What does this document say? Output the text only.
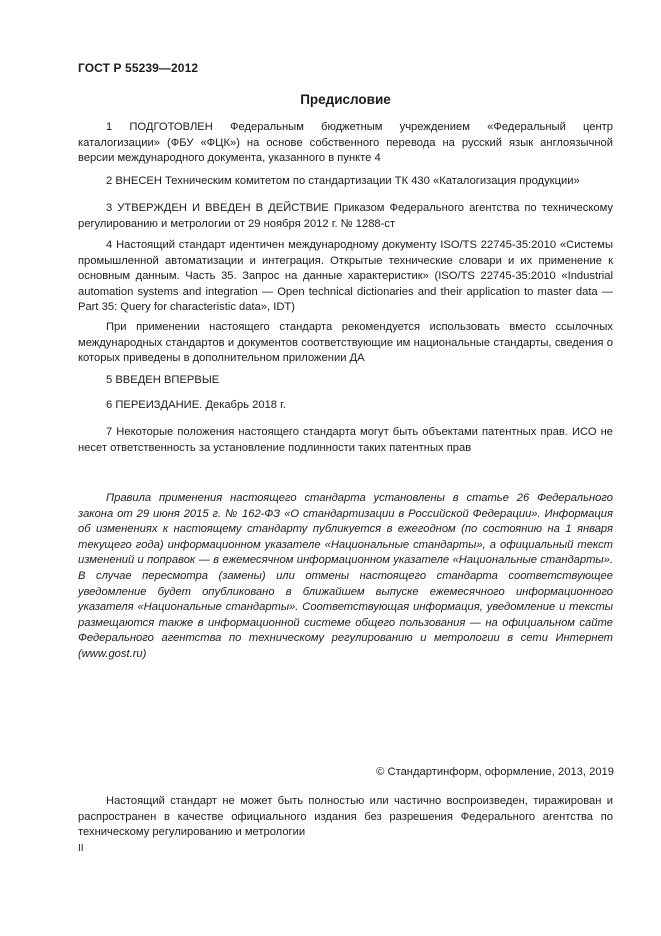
ГОСТ Р 55239—2012
Предисловие
1 ПОДГОТОВЛЕН Федеральным бюджетным учреждением «Федеральный центр каталогизации» (ФБУ «ФЦК») на основе собственного перевода на русский язык англоязычной версии международного документа, указанного в пункте 4
2 ВНЕСЕН Техническим комитетом по стандартизации ТК 430 «Каталогизация продукции»
3 УТВЕРЖДЕН И ВВЕДЕН В ДЕЙСТВИЕ Приказом Федерального агентства по техническому регулированию и метрологии от 29 ноября 2012 г. № 1288-ст
4 Настоящий стандарт идентичен международному документу ISO/TS 22745-35:2010 «Системы промышленной автоматизации и интеграция. Открытые технические словари и их применение к основным данным. Часть 35. Запрос на данные характеристик» (ISO/TS 22745-35:2010 «Industrial automation systems and integration — Open technical dictionaries and their application to master data — Part 35: Query for characteristic data», IDT)
При применении настоящего стандарта рекомендуется использовать вместо ссылочных международных стандартов и документов соответствующие им национальные стандарты, сведения о которых приведены в дополнительном приложении ДА
5 ВВЕДЕН ВПЕРВЫЕ
6 ПЕРЕИЗДАНИЕ. Декабрь 2018 г.
7 Некоторые положения настоящего стандарта могут быть объектами патентных прав. ИСО не несет ответственность за установление подлинности таких патентных прав
Правила применения настоящего стандарта установлены в статье 26 Федерального закона от 29 июня 2015 г. № 162-ФЗ «О стандартизации в Российской Федерации». Информация об изменениях к настоящему стандарту публикуется в ежегодном (по состоянию на 1 января текущего года) информационном указателе «Национальные стандарты», а официальный текст изменений и поправок — в ежемесячном информационном указателе «Национальные стандарты». В случае пересмотра (замены) или отмены настоящего стандарта соответствующее уведомление будет опубликовано в ближайшем выпуске ежемесячного информационного указателя «Национальные стандарты». Соответствующая информация, уведомление и тексты размещаются также в информационной системе общего пользования — на официальном сайте Федерального агентства по техническому регулированию и метрологии в сети Интернет (www.gost.ru)
© Стандартинформ, оформление, 2013, 2019
Настоящий стандарт не может быть полностью или частично воспроизведен, тиражирован и распространен в качестве официального издания без разрешения Федерального агентства по техническому регулированию и метрологии
II
